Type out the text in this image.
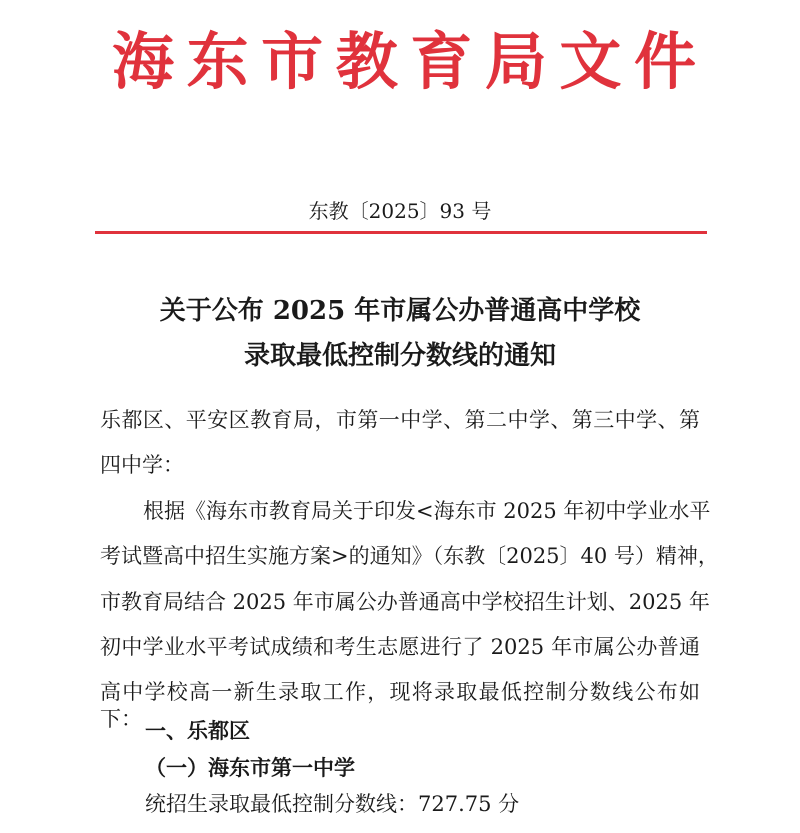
海东市教育局文件
东教〔2025〕93 号
关于公布 2025 年市属公办普通高中学校
录取最低控制分数线的通知
乐都区、平安区教育局，市第一中学、第二中学、第三中学、第
四中学：
根据《海东市教育局关于印发<海东市 2025 年初中学业水平
考试暨高中招生实施方案>的通知》（东教〔2025〕40 号）精神，
市教育局结合 2025 年市属公办普通高中学校招生计划、2025 年
初中学业水平考试成绩和考生志愿进行了 2025 年市属公办普通
高中学校高一新生录取工作，现将录取最低控制分数线公布如
下： 一、乐都区
（一）海东市第一中学
统招生录取最低控制分数线：727.75 分
